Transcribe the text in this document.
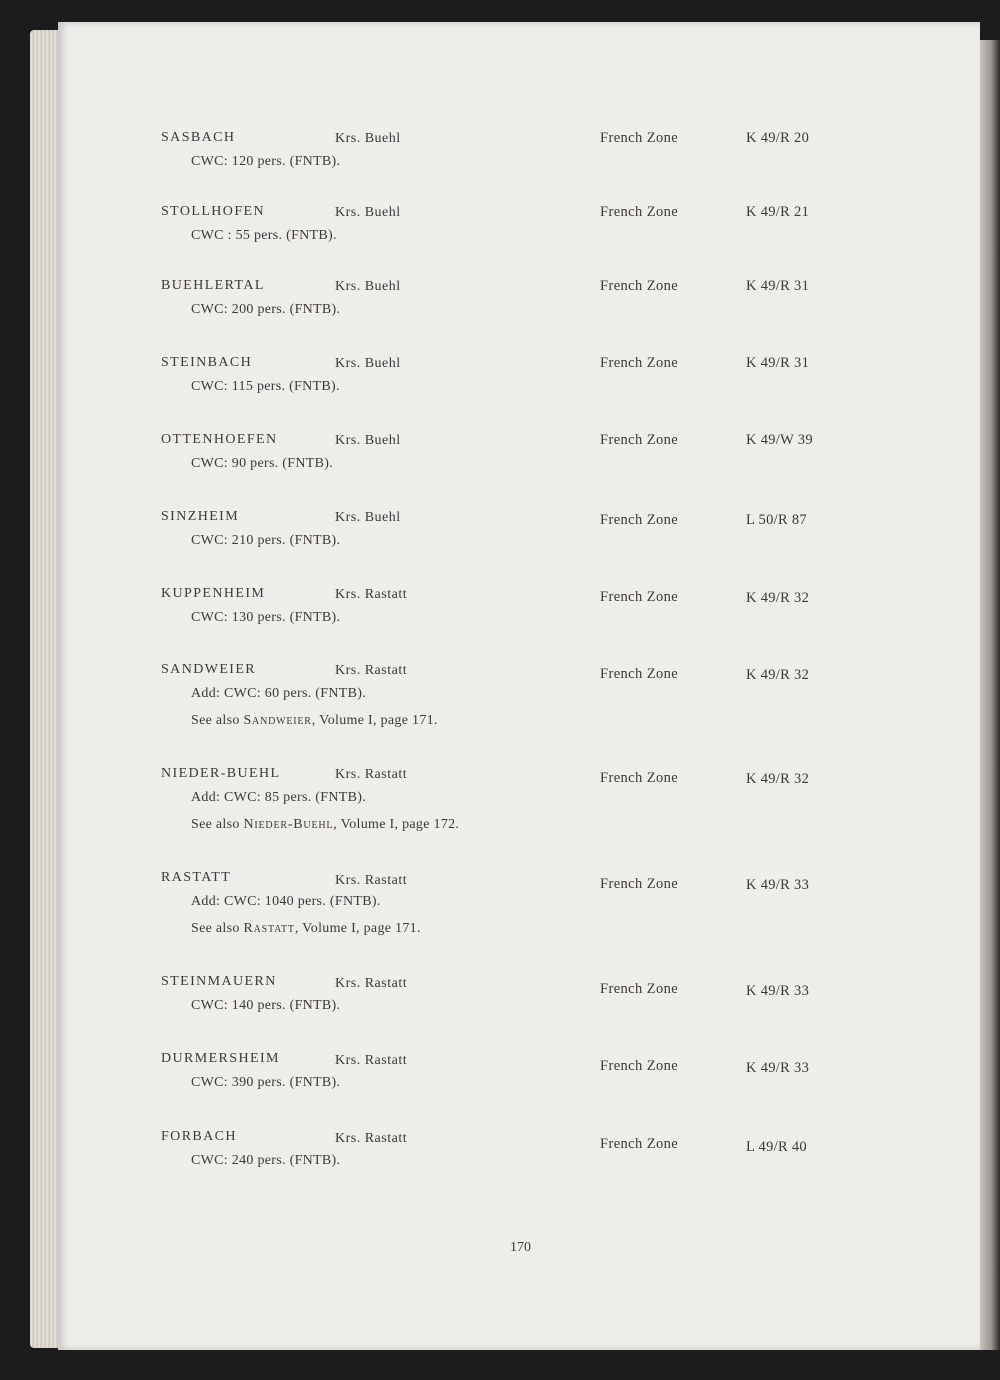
SASBACH	Krs. Buehl	French Zone	K 49/R 20
CWC: 120 pers. (FNTB).
STOLLHOFEN	Krs. Buehl	French Zone	K 49/R 21
CWC : 55 pers. (FNTB).
BUEHLERTAL	Krs. Buehl	French Zone	K 49/R 31
CWC: 200 pers. (FNTB).
STEINBACH	Krs. Buehl	French Zone	K 49/R 31
CWC: 115 pers. (FNTB).
OTTENHOEFEN	Krs. Buehl	French Zone	K 49/W 39
CWC: 90 pers. (FNTB).
SINZHEIM	Krs. Buehl	French Zone	L 50/R 87
CWC: 210 pers. (FNTB).
KUPPENHEIM	Krs. Rastatt	French Zone	K 49/R 32
CWC: 130 pers. (FNTB).
SANDWEIER	Krs. Rastatt	French Zone	K 49/R 32
Add: CWC: 60 pers. (FNTB).
See also Sandweier, Volume I, page 171.
NIEDER-BUEHL	Krs. Rastatt	French Zone	K 49/R 32
Add: CWC: 85 pers. (FNTB).
See also Nieder-Buehl, Volume I, page 172.
RASTATT	Krs. Rastatt	French Zone	K 49/R 33
Add: CWC: 1040 pers. (FNTB).
See also Rastatt, Volume I, page 171.
STEINMAUERN	Krs. Rastatt	French Zone	K 49/R 33
CWC: 140 pers. (FNTB).
DURMERSHEIM	Krs. Rastatt	French Zone	K 49/R 33
CWC: 390 pers. (FNTB).
FORBACH	Krs. Rastatt	French Zone	L 49/R 40
CWC: 240 pers. (FNTB).
170
